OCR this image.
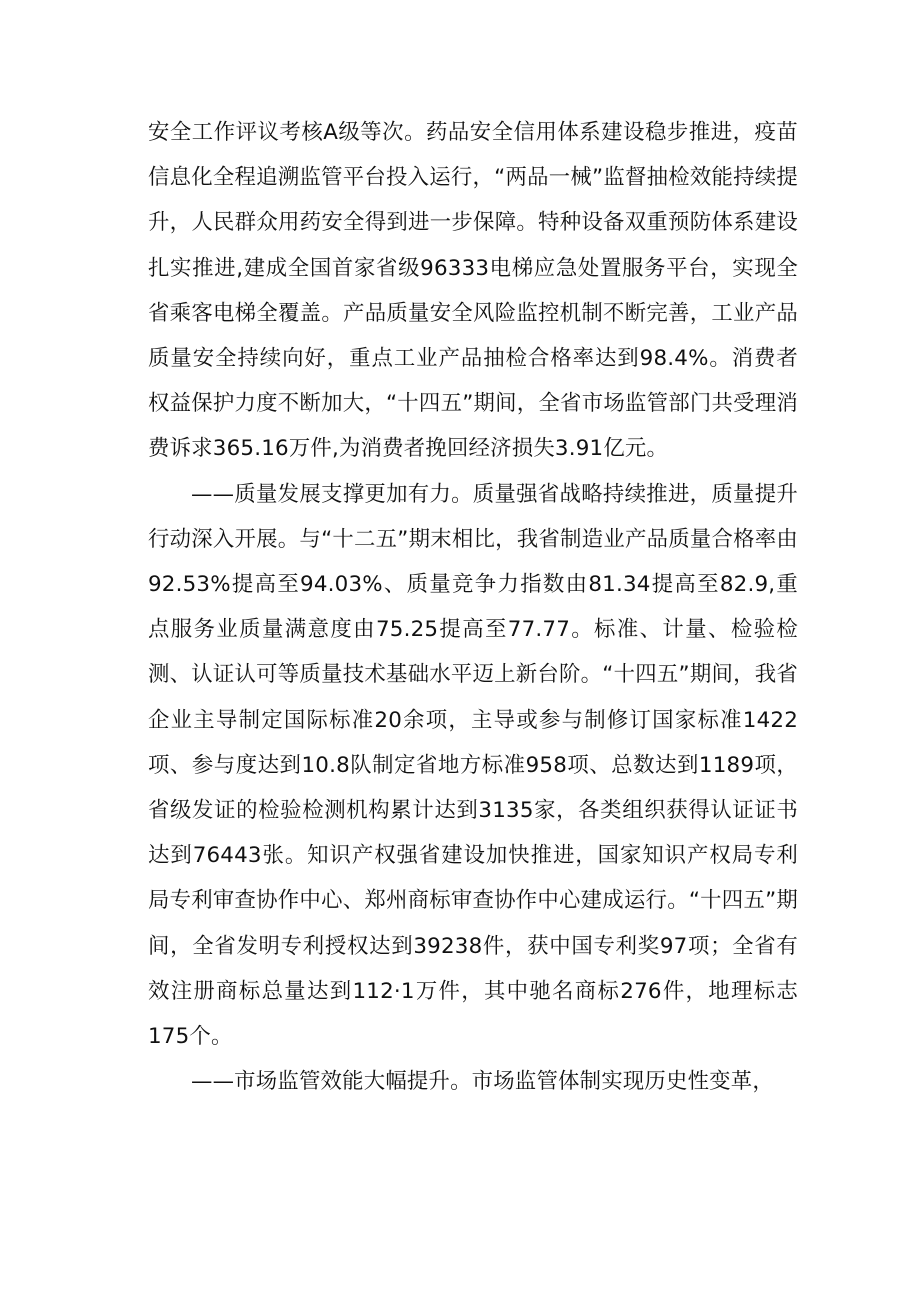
安全工作评议考核A级等次。药品安全信用体系建设稳步推进，疫苗信息化全程追溯监管平台投入运行，“两品一械”监督抽检效能持续提升，人民群众用药安全得到进一步保障。特种设备双重预防体系建设扎实推进,建成全国首家省级96333电梯应急处置服务平台，实现全省乘客电梯全覆盖。产品质量安全风险监控机制不断完善，工业产品质量安全持续向好，重点工业产品抽检合格率达到98.4%。消费者权益保护力度不断加大，“十四五”期间，全省市场监管部门共受理消费诉求365.16万件,为消费者挽回经济损失3.91亿元。

——质量发展支撑更加有力。质量强省战略持续推进，质量提升行动深入开展。与“十二五”期末相比，我省制造业产品质量合格率由92.53%提高至94.03%、质量竞争力指数由81.34提高至82.9,重点服务业质量满意度由75.25提高至77.77。标准、计量、检验检测、认证认可等质量技术基础水平迈上新台阶。“十四五”期间，我省企业主导制定国际标准20余项，主导或参与制修订国家标准1422项、参与度达到10.8队制定省地方标准958项、总数达到1189项，省级发证的检验检测机构累计达到3135家，各类组织获得认证证书达到76443张。知识产权强省建设加快推进，国家知识产权局专利局专利审查协作中心、郑州商标审查协作中心建成运行。“十四五”期间，全省发明专利授权达到39238件，获中国专利奖97项；全省有效注册商标总量达到112·1万件，其中驰名商标276件，地理标志175个。

——市场监管效能大幅提升。市场监管体制实现历史性变革，
